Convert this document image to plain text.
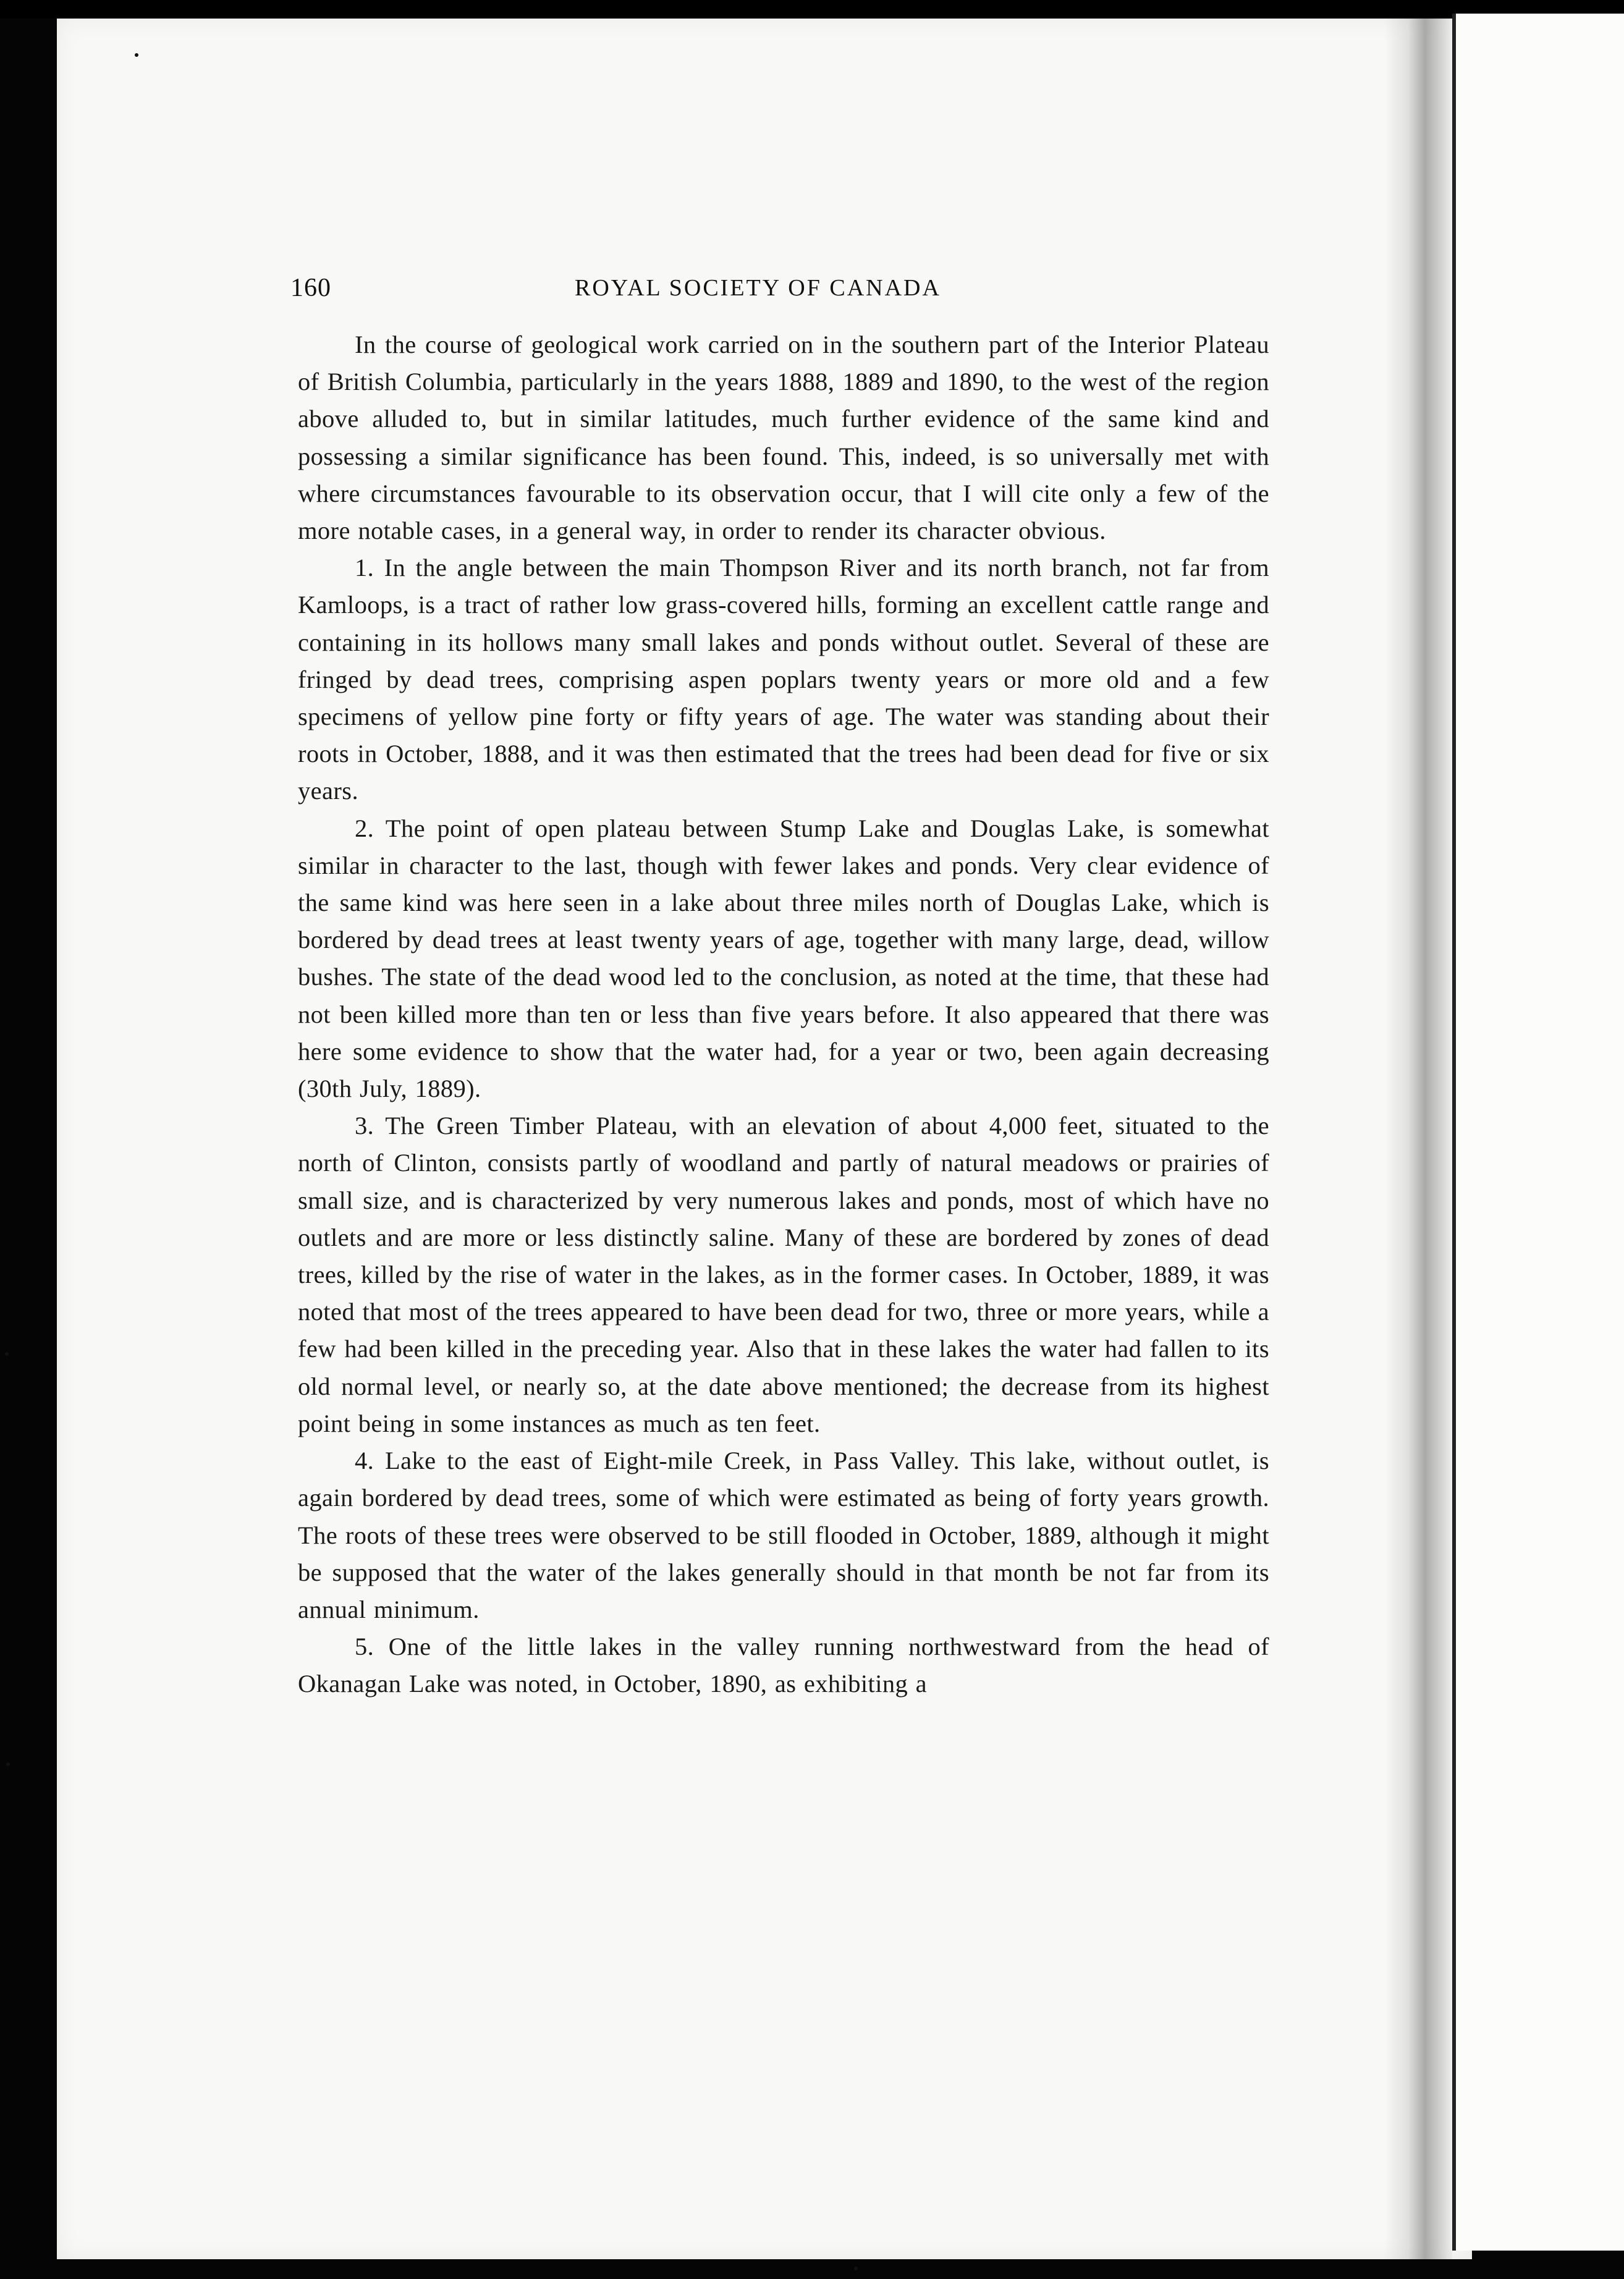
160	ROYAL SOCIETY OF CANADA

In the course of geological work carried on in the southern part of the Interior Plateau of British Columbia, particularly in the years 1888, 1889 and 1890, to the west of the region above alluded to, but in similar latitudes, much further evidence of the same kind and possessing a similar significance has been found. This, indeed, is so universally met with where circumstances favourable to its observation occur, that I will cite only a few of the more notable cases, in a general way, in order to render its character obvious.

1. In the angle between the main Thompson River and its north branch, not far from Kamloops, is a tract of rather low grass-covered hills, forming an excellent cattle range and containing in its hollows many small lakes and ponds without outlet. Several of these are fringed by dead trees, comprising aspen poplars twenty years or more old and a few specimens of yellow pine forty or fifty years of age. The water was standing about their roots in October, 1888, and it was then estimated that the trees had been dead for five or six years.

2. The point of open plateau between Stump Lake and Douglas Lake, is somewhat similar in character to the last, though with fewer lakes and ponds. Very clear evidence of the same kind was here seen in a lake about three miles north of Douglas Lake, which is bordered by dead trees at least twenty years of age, together with many large, dead, willow bushes. The state of the dead wood led to the conclusion, as noted at the time, that these had not been killed more than ten or less than five years before. It also appeared that there was here some evidence to show that the water had, for a year or two, been again decreasing (30th July, 1889).

3. The Green Timber Plateau, with an elevation of about 4,000 feet, situated to the north of Clinton, consists partly of woodland and partly of natural meadows or prairies of small size, and is characterized by very numerous lakes and ponds, most of which have no outlets and are more or less distinctly saline. Many of these are bordered by zones of dead trees, killed by the rise of water in the lakes, as in the former cases. In October, 1889, it was noted that most of the trees appeared to have been dead for two, three or more years, while a few had been killed in the preceding year. Also that in these lakes the water had fallen to its old normal level, or nearly so, at the date above mentioned; the decrease from its highest point being in some instances as much as ten feet.

4. Lake to the east of Eight-mile Creek, in Pass Valley. This lake, without outlet, is again bordered by dead trees, some of which were estimated as being of forty years growth. The roots of these trees were observed to be still flooded in October, 1889, although it might be supposed that the water of the lakes generally should in that month be not far from its annual minimum.

5. One of the little lakes in the valley running northwestward from the head of Okanagan Lake was noted, in October, 1890, as exhibiting a
